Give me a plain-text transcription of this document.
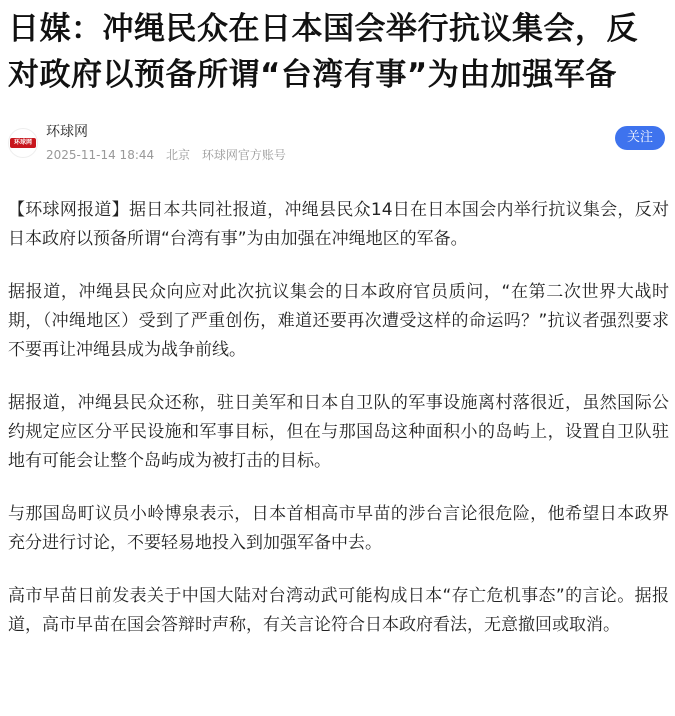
日媒：冲绳民众在日本国会举行抗议集会，反对政府以预备所谓“台湾有事”为由加强军备
环球网
环球网
2025-11-14 18:44 北京 环球网官方账号
关注

【环球网报道】据日本共同社报道，冲绳县民众14日在日本国会内举行抗议集会，反对日本政府以预备所谓“台湾有事”为由加强在冲绳地区的军备。

据报道，冲绳县民众向应对此次抗议集会的日本政府官员质问，“在第二次世界大战时期，（冲绳地区）受到了严重创伤，难道还要再次遭受这样的命运吗？”抗议者强烈要求不要再让冲绳县成为战争前线。

据报道，冲绳县民众还称，驻日美军和日本自卫队的军事设施离村落很近，虽然国际公约规定应区分平民设施和军事目标，但在与那国岛这种面积小的岛屿上，设置自卫队驻地有可能会让整个岛屿成为被打击的目标。

与那国岛町议员小岭博泉表示，日本首相高市早苗的涉台言论很危险，他希望日本政界充分进行讨论，不要轻易地投入到加强军备中去。

高市早苗日前发表关于中国大陆对台湾动武可能构成日本“存亡危机事态”的言论。据报道，高市早苗在国会答辩时声称，有关言论符合日本政府看法，无意撤回或取消。
